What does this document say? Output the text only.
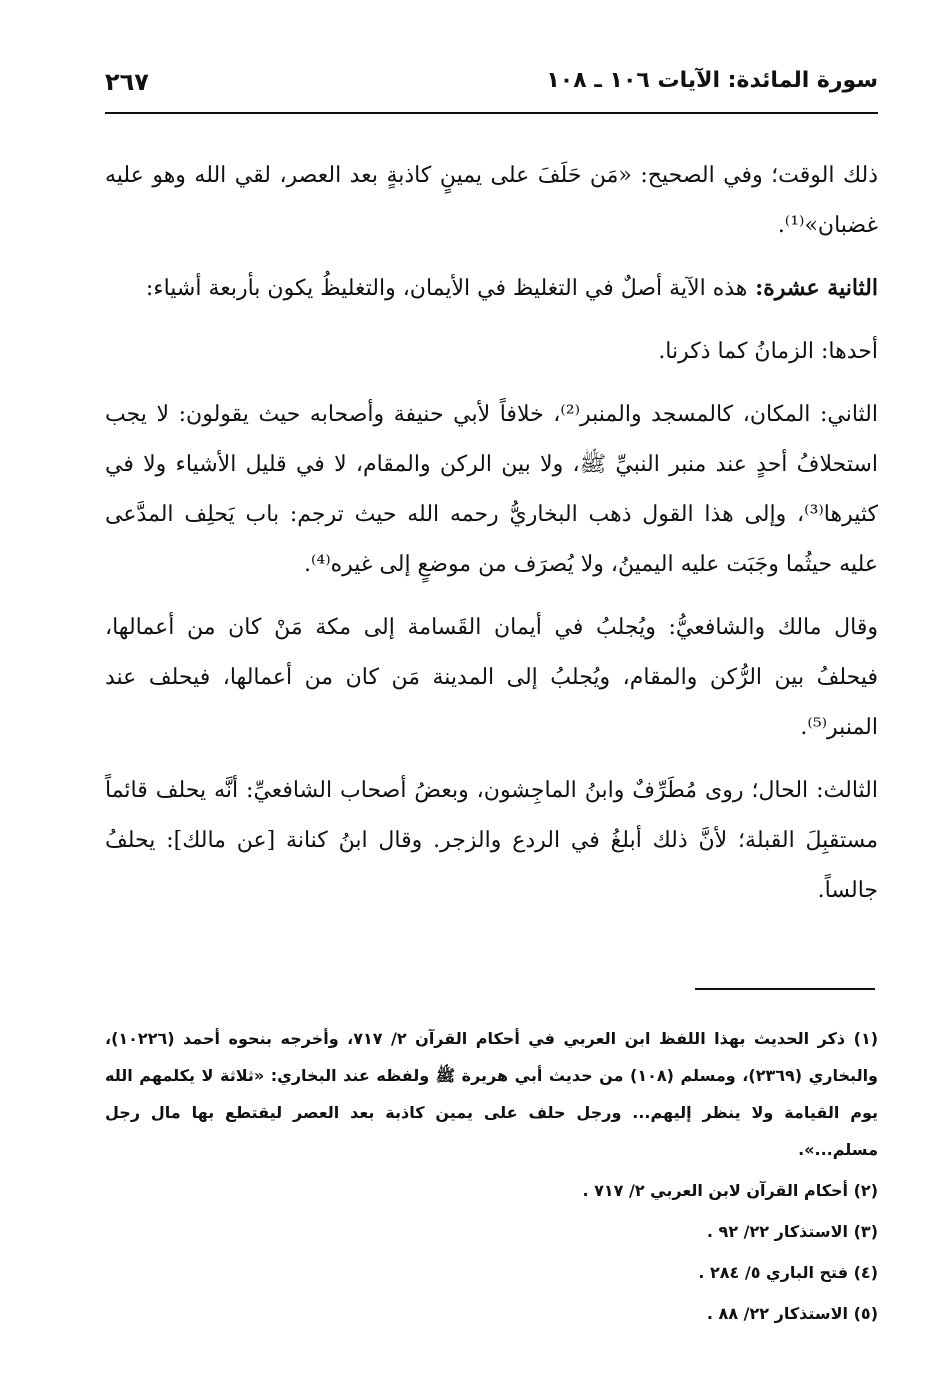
سورة المائدة: الآيات ١٠٦ ـ ١٠٨
٢٦٧

ذلك الوقت؛ وفي الصحيح: «مَن حَلَفَ على يمينٍ كاذبةٍ بعد العصر، لقي الله وهو عليه غضبان»⁽¹⁾.

الثانية عشرة: هذه الآية أصلٌ في التغليظ في الأيمان، والتغليظُ يكون بأربعة أشياء:

أحدها: الزمانُ كما ذكرنا.

الثاني: المكان، كالمسجد والمنبر⁽²⁾، خلافاً لأبي حنيفة وأصحابه حيث يقولون: لا يجب استحلافُ أحدٍ عند منبر النبيِّ ﷺ، ولا بين الركن والمقام، لا في قليل الأشياء ولا في كثيرها⁽³⁾، وإلى هذا القول ذهب البخاريُّ رحمه الله حيث ترجم: باب يَحلِف المدَّعى عليه حيثُما وجَبَت عليه اليمينُ، ولا يُصرَف من موضعٍ إلى غيره⁽⁴⁾.

وقال مالك والشافعيُّ: ويُجلبُ في أيمان القَسامة إلى مكة مَنْ كان من أعمالها، فيحلفُ بين الرُّكن والمقام، ويُجلبُ إلى المدينة مَن كان من أعمالها، فيحلف عند المنبر⁽⁵⁾.

الثالث: الحال؛ روى مُطَرِّفٌ وابنُ الماجِشون، وبعضُ أصحاب الشافعيِّ: أنَّه يحلف قائماً مستقبِلَ القبلة؛ لأنَّ ذلك أبلغُ في الردع والزجر. وقال ابنُ كنانة [عن مالك]: يحلفُ جالساً.

(١) ذكر الحديث بهذا اللفظ ابن العربي في أحكام القرآن ٢/ ٧١٧، وأخرجه بنحوه أحمد (١٠٢٢٦)، والبخاري (٢٣٦٩)، ومسلم (١٠٨) من حديث أبي هريرة ﷺ ولفظه عند البخاري: «ثلاثة لا يكلمهم الله يوم القيامة ولا ينظر إليهم... ورجل حلف على يمين كاذبة بعد العصر ليقتطع بها مال رجل مسلم...».

(٢) أحكام القرآن لابن العربي ٢/ ٧١٧ .

(٣) الاستذكار ٢٢/ ٩٢ .

(٤) فتح الباري ٥/ ٢٨٤ .

(٥) الاستذكار ٢٢/ ٨٨ .
